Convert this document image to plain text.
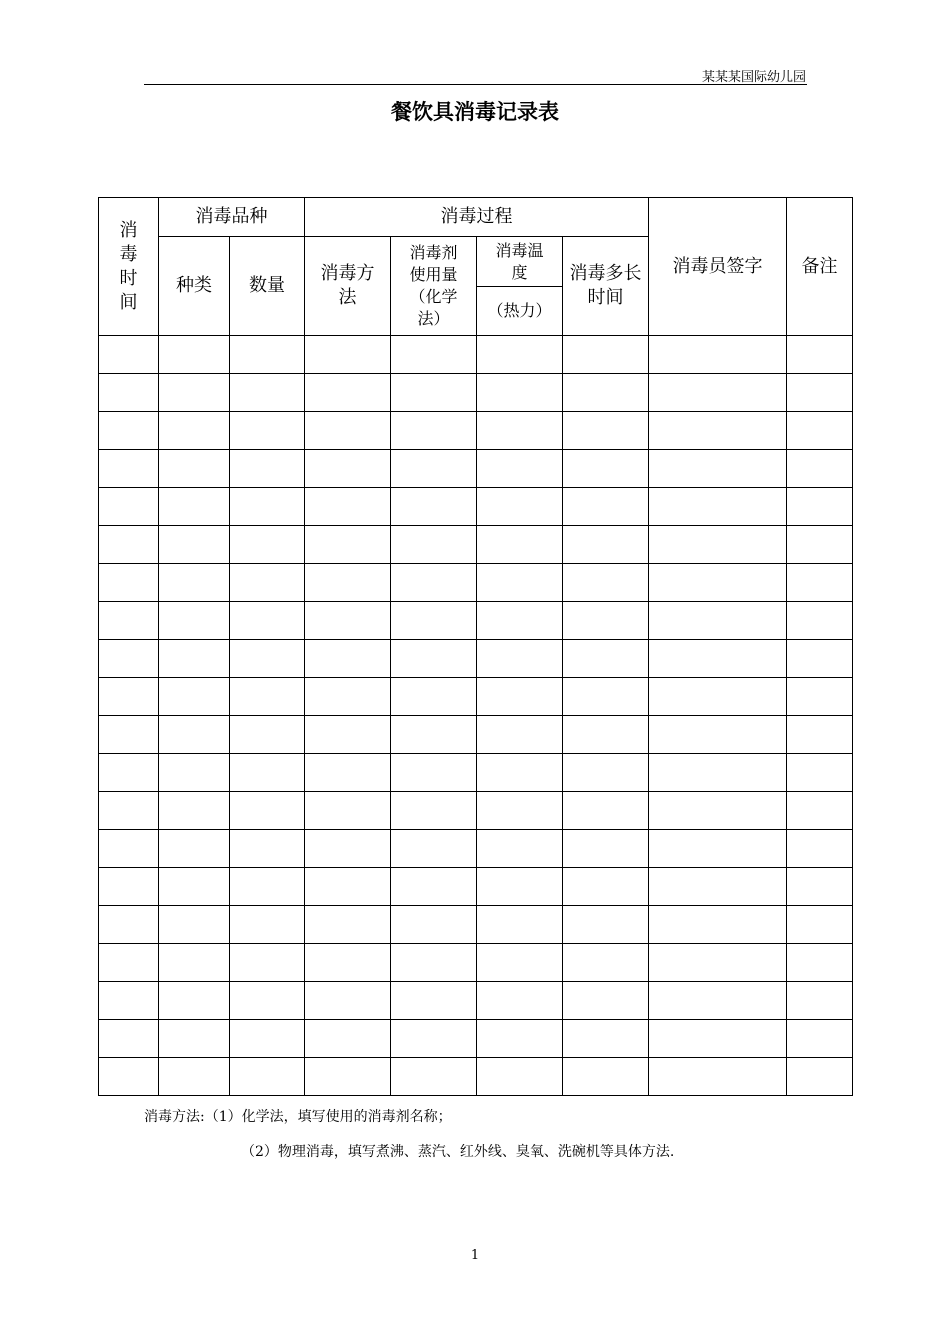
某某某国际幼儿园
餐饮具消毒记录表
消毒时间	消毒品种		消毒过程				消毒员签字	备注
	种类	数量	消毒方法	消毒剂使用量（化学法）	消毒温度	消毒多长时间		
					（热力）			

消毒方法:（1）化学法，填写使用的消毒剂名称；
（2）物理消毒，填写煮沸、蒸汽、红外线、臭氧、洗碗机等具体方法.
1
